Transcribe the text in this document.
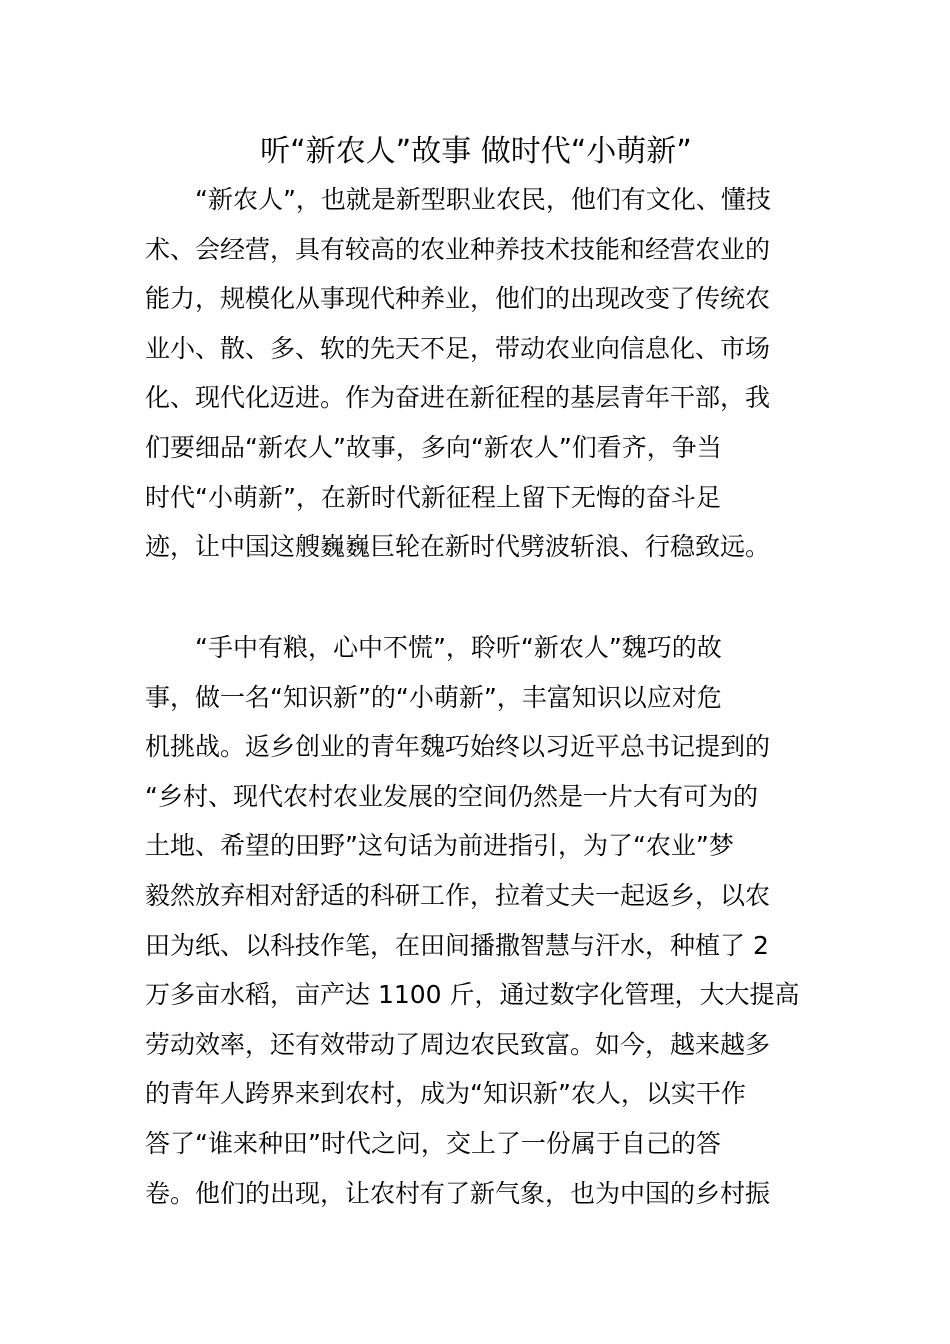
听“新农人”故事 做时代“小萌新”
“新农人”，也就是新型职业农民，他们有文化、懂技
术、会经营，具有较高的农业种养技术技能和经营农业的
能力，规模化从事现代种养业，他们的出现改变了传统农
业小、散、多、软的先天不足，带动农业向信息化、市场
化、现代化迈进。作为奋进在新征程的基层青年干部，我
们要细品“新农人”故事，多向“新农人”们看齐，争当
时代“小萌新”，在新时代新征程上留下无悔的奋斗足
迹，让中国这艘巍巍巨轮在新时代劈波斩浪、行稳致远。
“手中有粮，心中不慌”，聆听“新农人”魏巧的故
事，做一名“知识新”的“小萌新”，丰富知识以应对危
机挑战。返乡创业的青年魏巧始终以习近平总书记提到的
“乡村、现代农村农业发展的空间仍然是一片大有可为的
土地、希望的田野”这句话为前进指引，为了“农业”梦
毅然放弃相对舒适的科研工作，拉着丈夫一起返乡，以农
田为纸、以科技作笔，在田间播撒智慧与汗水，种植了 2
万多亩水稻，亩产达 1100 斤，通过数字化管理，大大提高
劳动效率，还有效带动了周边农民致富。如今，越来越多
的青年人跨界来到农村，成为“知识新”农人，以实干作
答了“谁来种田”时代之问，交上了一份属于自己的答
卷。他们的出现，让农村有了新气象，也为中国的乡村振
